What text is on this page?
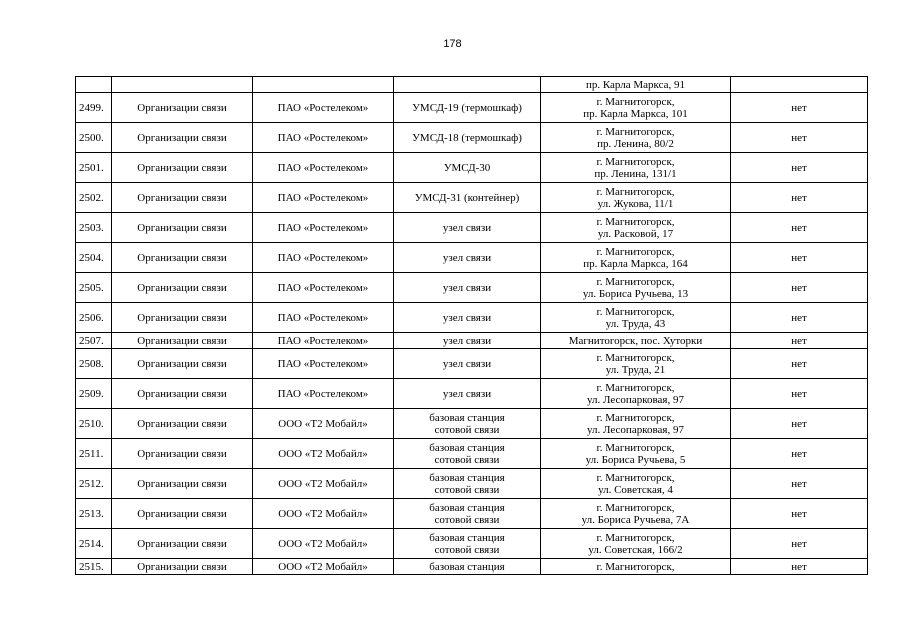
178

				пр. Карла Маркса, 91	

2499.	Организации связи	ПАО «Ростелеком»	УМСД-19 (термошкаф)	г. Магнитогорск,
пр. Карла Маркса, 101	нет
2500.	Организации связи	ПАО «Ростелеком»	УМСД-18 (термошкаф)	г. Магнитогорск,
пр. Ленина, 80/2	нет
2501.	Организации связи	ПАО «Ростелеком»	УМСД-30	г. Магнитогорск,
пр. Ленина, 131/1	нет
2502.	Организации связи	ПАО «Ростелеком»	УМСД-31 (контейнер)	г. Магнитогорск,
ул. Жукова, 11/1	нет
2503.	Организации связи	ПАО «Ростелеком»	узел связи	г. Магнитогорск,
ул. Расковой, 17	нет
2504.	Организации связи	ПАО «Ростелеком»	узел связи	г. Магнитогорск,
пр. Карла Маркса, 164	нет
2505.	Организации связи	ПАО «Ростелеком»	узел связи	г. Магнитогорск,
ул. Бориса Ручьева, 13	нет
2506.	Организации связи	ПАО «Ростелеком»	узел связи	г. Магнитогорск,
ул. Труда, 43	нет
2507.	Организации связи	ПАО «Ростелеком»	узел связи	Магнитогорск, пос. Хуторки	нет
2508.	Организации связи	ПАО «Ростелеком»	узел связи	г. Магнитогорск,
ул. Труда, 21	нет
2509.	Организации связи	ПАО «Ростелеком»	узел связи	г. Магнитогорск,
ул. Лесопарковая, 97	нет
2510.	Организации связи	ООО «Т2 Мобайл»	базовая станция
сотовой связи	г. Магнитогорск,
ул. Лесопарковая, 97	нет
2511.	Организации связи	ООО «Т2 Мобайл»	базовая станция
сотовой связи	г. Магнитогорск,
ул. Бориса Ручьева, 5	нет
2512.	Организации связи	ООО «Т2 Мобайл»	базовая станция
сотовой связи	г. Магнитогорск,
ул. Советская, 4	нет
2513.	Организации связи	ООО «Т2 Мобайл»	базовая станция
сотовой связи	г. Магнитогорск,
ул. Бориса Ручьева, 7А	нет
2514.	Организации связи	ООО «Т2 Мобайл»	базовая станция
сотовой связи	г. Магнитогорск,
ул. Советская, 166/2	нет
2515.	Организации связи	ООО «Т2 Мобайл»	базовая станция	г. Магнитогорск,	нет
